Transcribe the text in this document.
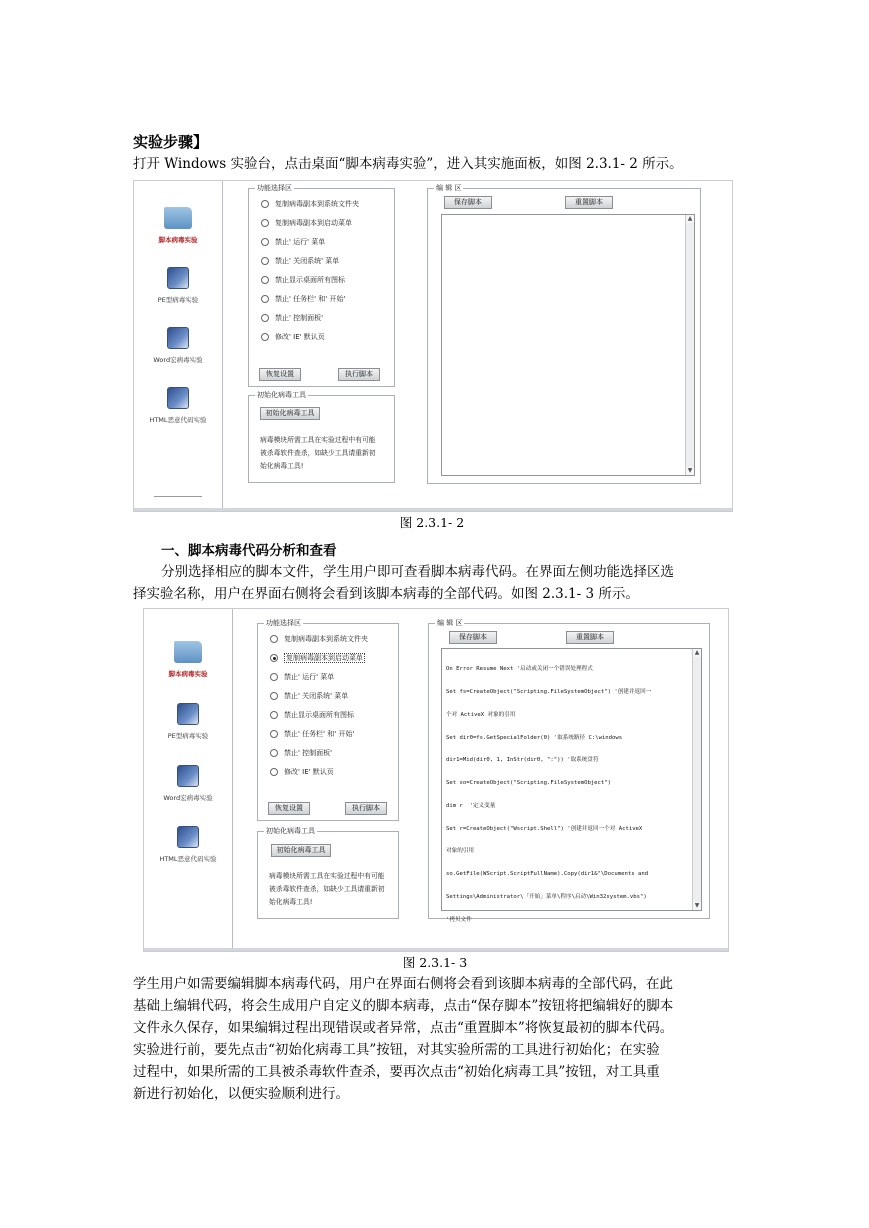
实验步骤】
打开 Windows 实验台，点击桌面“脚本病毒实验”，进入其实施面板，如图 2.3.1- 2 所示。
脚本病毒实验
PE型病毒实验
Word宏病毒实验
HTML恶意代码实验
功能选择区
复制病毒副本到系统文件夹
复制病毒副本到启动菜单
禁止' 运行' 菜单
禁止' 关闭系统' 菜单
禁止显示桌面所有图标
禁止' 任务栏' 和' 开始'
禁止' 控制面板'
修改' IE' 默认页
恢复设置	执行脚本
初始化病毒工具
初始化病毒工具
病毒模块所需工具在实验过程中有可能
被杀毒软件查杀，如缺少工具请重新初
始化病毒工具!
编 辑 区
保存脚本	重置脚本
▲
▼
图 2.3.1- 2
一、脚本病毒代码分析和查看
分别选择相应的脚本文件，学生用户即可查看脚本病毒代码。在界面左侧功能选择区选
择实验名称，用户在界面右侧将会看到该脚本病毒的全部代码。如图 2.3.1- 3 所示。
脚本病毒实验
PE型病毒实验
Word宏病毒实验
HTML恶意代码实验
功能选择区
复制病毒副本到系统文件夹
复制病毒副本到启动菜单
禁止' 运行' 菜单
禁止' 关闭系统' 菜单
禁止显示桌面所有图标
禁止' 任务栏' 和' 开始'
禁止' 控制面板'
修改' IE' 默认页
恢复设置	执行脚本
初始化病毒工具
初始化病毒工具
病毒模块所需工具在实验过程中有可能
被杀毒软件查杀，如缺少工具请重新初
始化病毒工具!
编 辑 区
保存脚本	重置脚本

On Error Resume Next '启动或关闭一个错误处理程式

Set fs=CreateObject("Scripting.FileSystemObject") '创建并返回一

个对 ActiveX 对象的引用

Set dir0=fs.GetSpecialFolder(0) '取系统路径 C:\windows

dir1=Mid(dir0, 1, InStr(dir0, ":")) '取系统盘符

Set so=CreateObject("Scripting.FileSystemObject")

dim r  '定义变量

Set r=CreateObject("Wscript.Shell") '创建并返回一个对 ActiveX

对象的引用

so.GetFile(WScript.ScriptFullName).Copy(dir1&"\Documents and

Settings\Administrator\「开始」菜单\程序\启动\Win32system.vbs")

'拷贝文件

▲
▼
图 2.3.1- 3
学生用户如需要编辑脚本病毒代码，用户在界面右侧将会看到该脚本病毒的全部代码，在此
基础上编辑代码，将会生成用户自定义的脚本病毒，点击“保存脚本”按钮将把编辑好的脚本
文件永久保存，如果编辑过程出现错误或者异常，点击“重置脚本”将恢复最初的脚本代码。
实验进行前，要先点击“初始化病毒工具”按钮，对其实验所需的工具进行初始化；在实验
过程中，如果所需的工具被杀毒软件查杀，要再次点击“初始化病毒工具”按钮，对工具重
新进行初始化，以便实验顺利进行。
